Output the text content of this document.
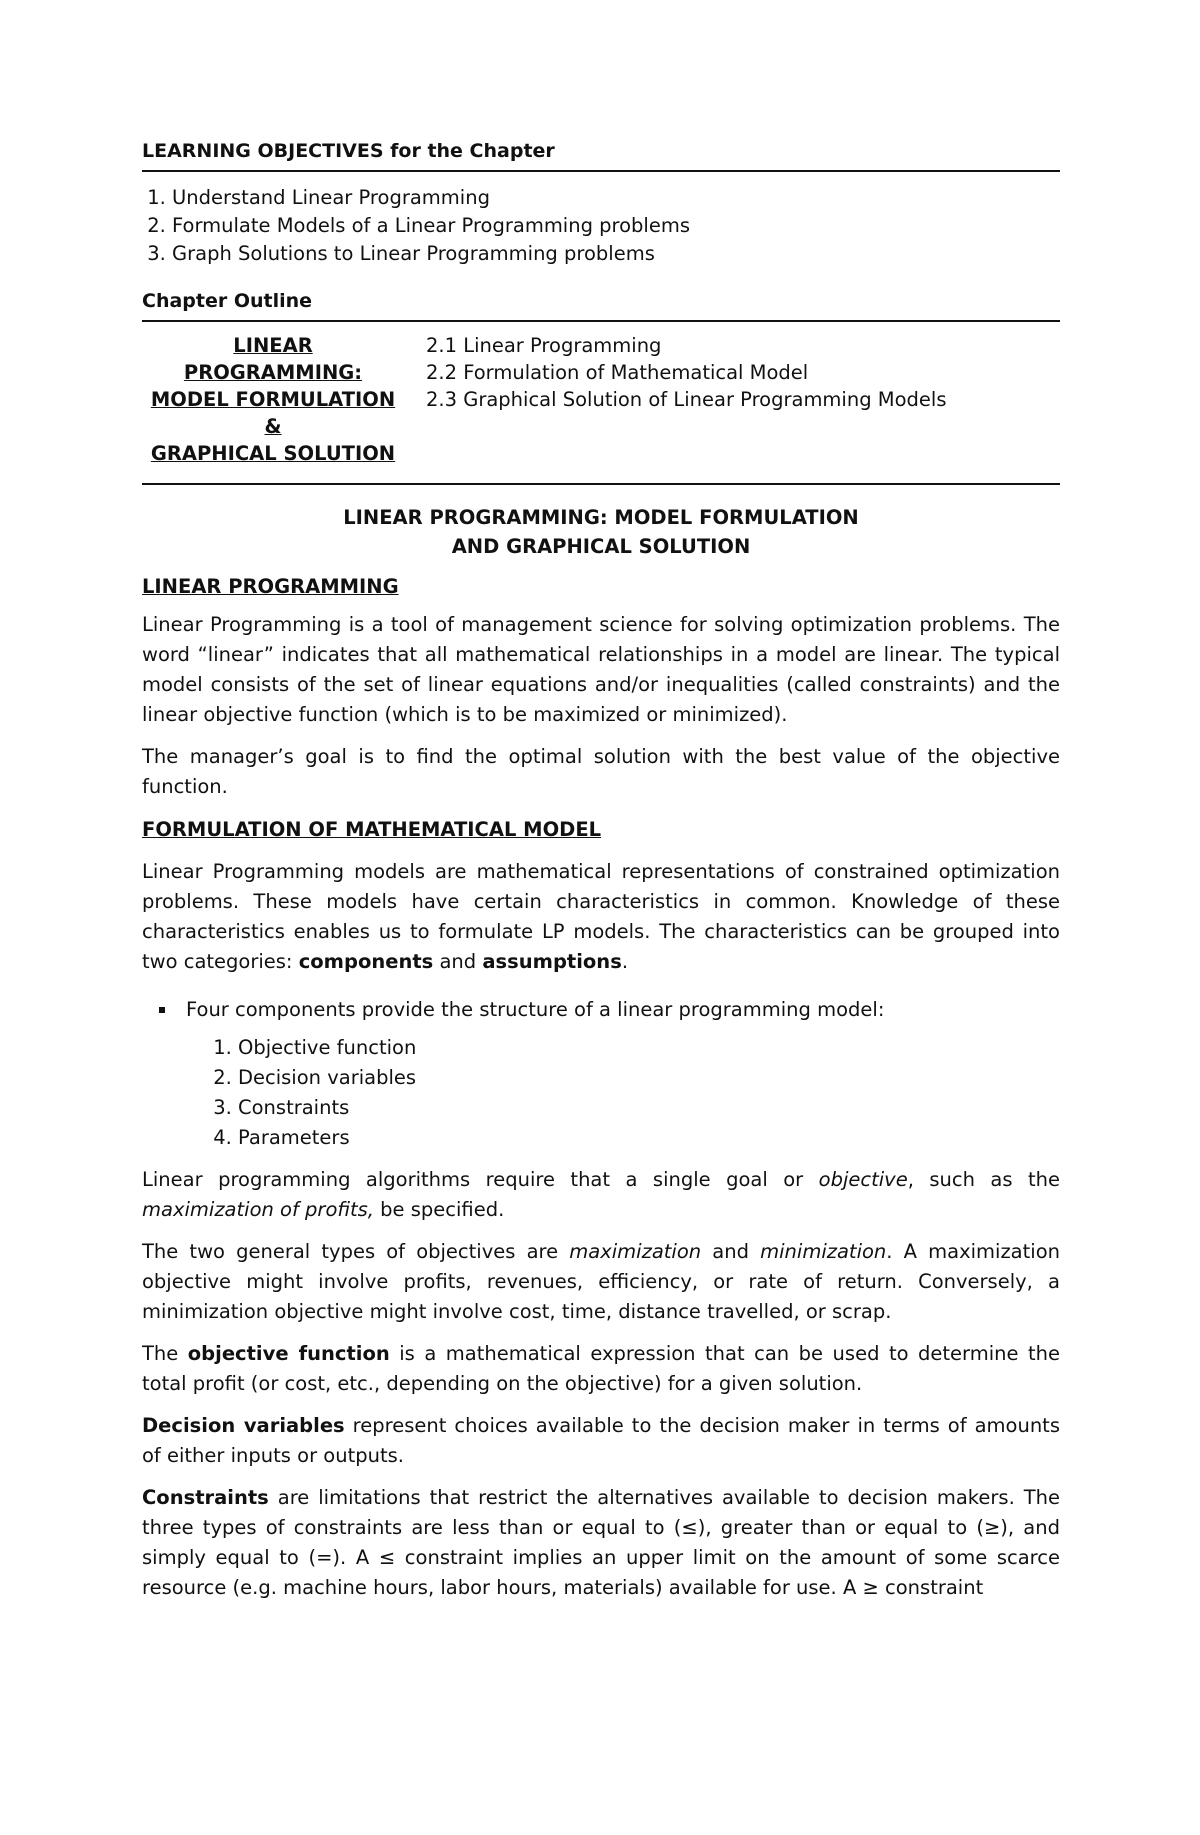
LEARNING OBJECTIVES for the Chapter
1. Understand Linear Programming
2. Formulate Models of a Linear Programming problems
3. Graph Solutions to Linear Programming problems
Chapter Outline
LINEAR PROGRAMMING:
MODEL FORMULATION
&
GRAPHICAL SOLUTION
2.1 Linear Programming
2.2 Formulation of Mathematical Model
2.3 Graphical Solution of Linear Programming Models
LINEAR PROGRAMMING: MODEL FORMULATION
AND GRAPHICAL SOLUTION
LINEAR PROGRAMMING

Linear Programming is a tool of management science for solving optimization problems. The word “linear” indicates that all mathematical relationships in a model are linear. The typical model consists of the set of linear equations and/or inequalities (called constraints) and the linear objective function (which is to be maximized or minimized).

The manager’s goal is to find the optimal solution with the best value of the objective function.

FORMULATION OF MATHEMATICAL MODEL

Linear Programming models are mathematical representations of constrained optimization problems. These models have certain characteristics in common. Knowledge of these characteristics enables us to formulate LP models. The characteristics can be grouped into two categories: components and assumptions.

▪ Four components provide the structure of a linear programming model:
1. Objective function
2. Decision variables
3. Constraints
4. Parameters

Linear programming algorithms require that a single goal or objective, such as the maximization of profits, be specified.

The two general types of objectives are maximization and minimization. A maximization objective might involve profits, revenues, efficiency, or rate of return. Conversely, a minimization objective might involve cost, time, distance travelled, or scrap.

The objective function is a mathematical expression that can be used to determine the total profit (or cost, etc., depending on the objective) for a given solution.

Decision variables represent choices available to the decision maker in terms of amounts of either inputs or outputs.

Constraints are limitations that restrict the alternatives available to decision makers. The three types of constraints are less than or equal to (≤), greater than or equal to (≥), and simply equal to (=). A ≤ constraint implies an upper limit on the amount of some scarce resource (e.g. machine hours, labor hours, materials) available for use. A ≥ constraint
